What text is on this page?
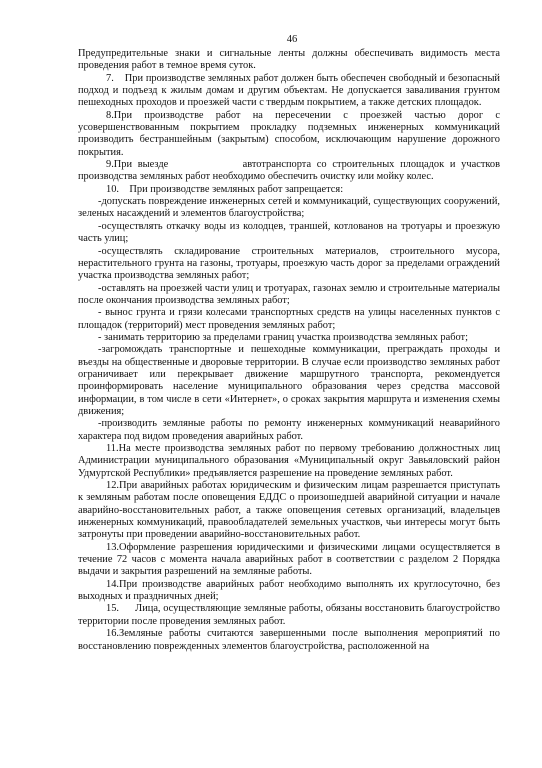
46

Предупредительные знаки и сигнальные ленты должны обеспечивать видимость места проведения работ в темное время суток.

7.    При производстве земляных работ должен быть обеспечен свободный и безопасный подход и подъезд к жилым домам и другим объектам. Не допускается заваливания грунтом пешеходных проходов и проезжей части с твердым покрытием, а также детских площадок.

8.При производстве работ на пересечении с проезжей частью дорог с усовершенствованным покрытием прокладку подземных инженерных коммуникаций производить бестраншейным (закрытым) способом, исключающим нарушение дорожного покрытия.

9.При выезде             автотранспорта со строительных площадок и участков производства земляных работ необходимо обеспечить очистку или мойку колес.

10.    При производстве земляных работ запрещается:

-допускать повреждение инженерных сетей и коммуникаций, существующих сооружений, зеленых насаждений и элементов благоустройства;

-осуществлять откачку воды из колодцев, траншей, котлованов на тротуары и проезжую часть улиц;

-осуществлять складирование строительных материалов, строительного мусора, нерастительного грунта на газоны, тротуары, проезжую часть дорог за пределами ограждений участка производства земляных работ;

-оставлять на проезжей части улиц и тротуарах, газонах землю и строительные материалы после окончания производства земляных работ;

- вынос грунта и грязи колесами транспортных средств на улицы населенных пунктов с площадок (территорий) мест проведения земляных работ;

- занимать территорию за пределами границ участка производства земляных работ;

-загромождать транспортные и пешеходные коммуникации, преграждать проходы и въезды на общественные и дворовые территории. В случае если производство земляных работ ограничивает или перекрывает движение маршрутного транспорта, рекомендуется проинформировать население муниципального образования через средства массовой информации, в том числе в сети «Интернет», о сроках закрытия маршрута и изменения схемы движения;

-производить земляные работы по ремонту инженерных коммуникаций неаварийного характера под видом проведения аварийных работ.

11.На месте производства земляных работ по первому требованию должностных лиц Администрации муниципального образования «Муниципальный округ Завьяловский район Удмуртской Республики» предъявляется разрешение на проведение земляных работ.

12.При аварийных работах юридическим и физическим лицам разрешается приступать к земляным работам после оповещения ЕДДС о произошедшей аварийной ситуации и начале аварийно-восстановительных работ, а также оповещения сетевых организаций, владельцев инженерных коммуникаций, правообладателей земельных участков, чьи интересы могут быть затронуты при проведении аварийно-восстановительных работ.

13.Оформление разрешения юридическими и физическими лицами осуществляется в течение 72 часов с момента начала аварийных работ в соответствии с разделом 2 Порядка выдачи и закрытия разрешений на земляные работы.

14.При производстве аварийных работ необходимо выполнять их круглосуточно, без выходных и праздничных дней;

15.      Лица, осуществляющие земляные работы, обязаны восстановить благоустройство территории после проведения земляных работ.

16.Земляные работы считаются завершенными после выполнения мероприятий по восстановлению поврежденных элементов благоустройства, расположенной на
